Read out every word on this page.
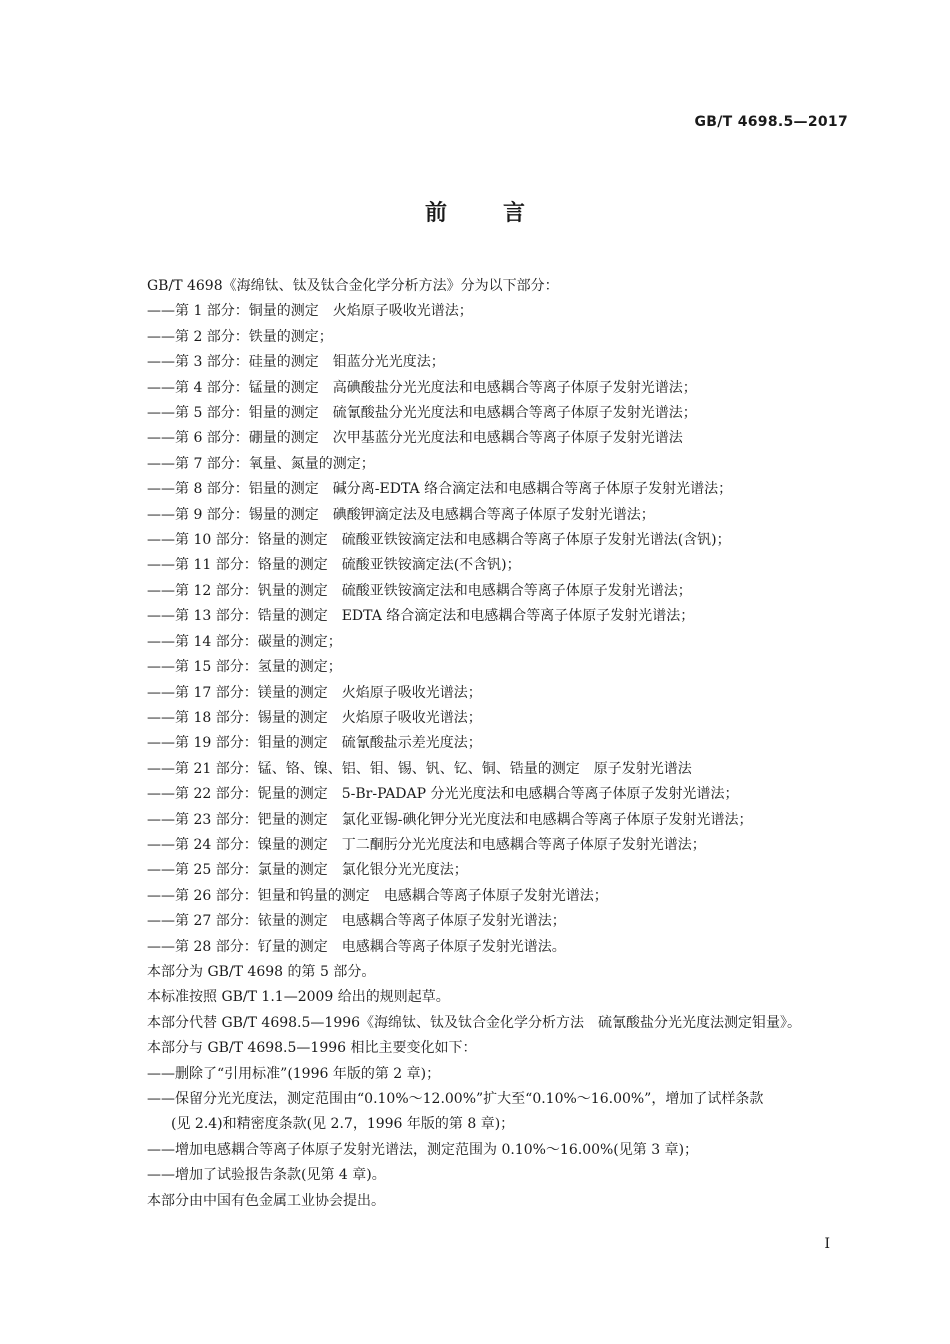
GB/T 4698.5—2017
前言

GB/T 4698《海绵钛、钛及钛合金化学分析方法》分为以下部分：

——第 1 部分：铜量的测定　火焰原子吸收光谱法；

——第 2 部分：铁量的测定；

——第 3 部分：硅量的测定　钼蓝分光光度法；

——第 4 部分：锰量的测定　高碘酸盐分光光度法和电感耦合等离子体原子发射光谱法；

——第 5 部分：钼量的测定　硫氰酸盐分光光度法和电感耦合等离子体原子发射光谱法；

——第 6 部分：硼量的测定　次甲基蓝分光光度法和电感耦合等离子体原子发射光谱法

——第 7 部分：氧量、氮量的测定；

——第 8 部分：铝量的测定　碱分离-EDTA 络合滴定法和电感耦合等离子体原子发射光谱法；

——第 9 部分：锡量的测定　碘酸钾滴定法及电感耦合等离子体原子发射光谱法；

——第 10 部分：铬量的测定　硫酸亚铁铵滴定法和电感耦合等离子体原子发射光谱法(含钒)；

——第 11 部分：铬量的测定　硫酸亚铁铵滴定法(不含钒)；

——第 12 部分：钒量的测定　硫酸亚铁铵滴定法和电感耦合等离子体原子发射光谱法；

——第 13 部分：锆量的测定　EDTA 络合滴定法和电感耦合等离子体原子发射光谱法；

——第 14 部分：碳量的测定；

——第 15 部分：氢量的测定；

——第 17 部分：镁量的测定　火焰原子吸收光谱法；

——第 18 部分：锡量的测定　火焰原子吸收光谱法；

——第 19 部分：钼量的测定　硫氰酸盐示差光度法；

——第 21 部分：锰、铬、镍、铝、钼、锡、钒、钇、铜、锆量的测定　原子发射光谱法

——第 22 部分：铌量的测定　5-Br-PADAP 分光光度法和电感耦合等离子体原子发射光谱法；

——第 23 部分：钯量的测定　氯化亚锡-碘化钾分光光度法和电感耦合等离子体原子发射光谱法；

——第 24 部分：镍量的测定　丁二酮肟分光光度法和电感耦合等离子体原子发射光谱法；

——第 25 部分：氯量的测定　氯化银分光光度法；

——第 26 部分：钽量和钨量的测定　电感耦合等离子体原子发射光谱法；

——第 27 部分：铱量的测定　电感耦合等离子体原子发射光谱法；

——第 28 部分：钌量的测定　电感耦合等离子体原子发射光谱法。

本部分为 GB/T 4698 的第 5 部分。

本标准按照 GB/T 1.1—2009 给出的规则起草。

本部分代替 GB/T 4698.5—1996《海绵钛、钛及钛合金化学分析方法　硫氰酸盐分光光度法测定钼量》。

本部分与 GB/T 4698.5—1996 相比主要变化如下：

——删除了“引用标准”(1996 年版的第 2 章)；

——保留分光光度法，测定范围由“0.10%～12.00%”扩大至“0.10%～16.00%”，增加了试样条款

(见 2.4)和精密度条款(见 2.7，1996 年版的第 8 章)；

——增加电感耦合等离子体原子发射光谱法，测定范围为 0.10%～16.00%(见第 3 章)；

——增加了试验报告条款(见第 4 章)。

本部分由中国有色金属工业协会提出。

I
